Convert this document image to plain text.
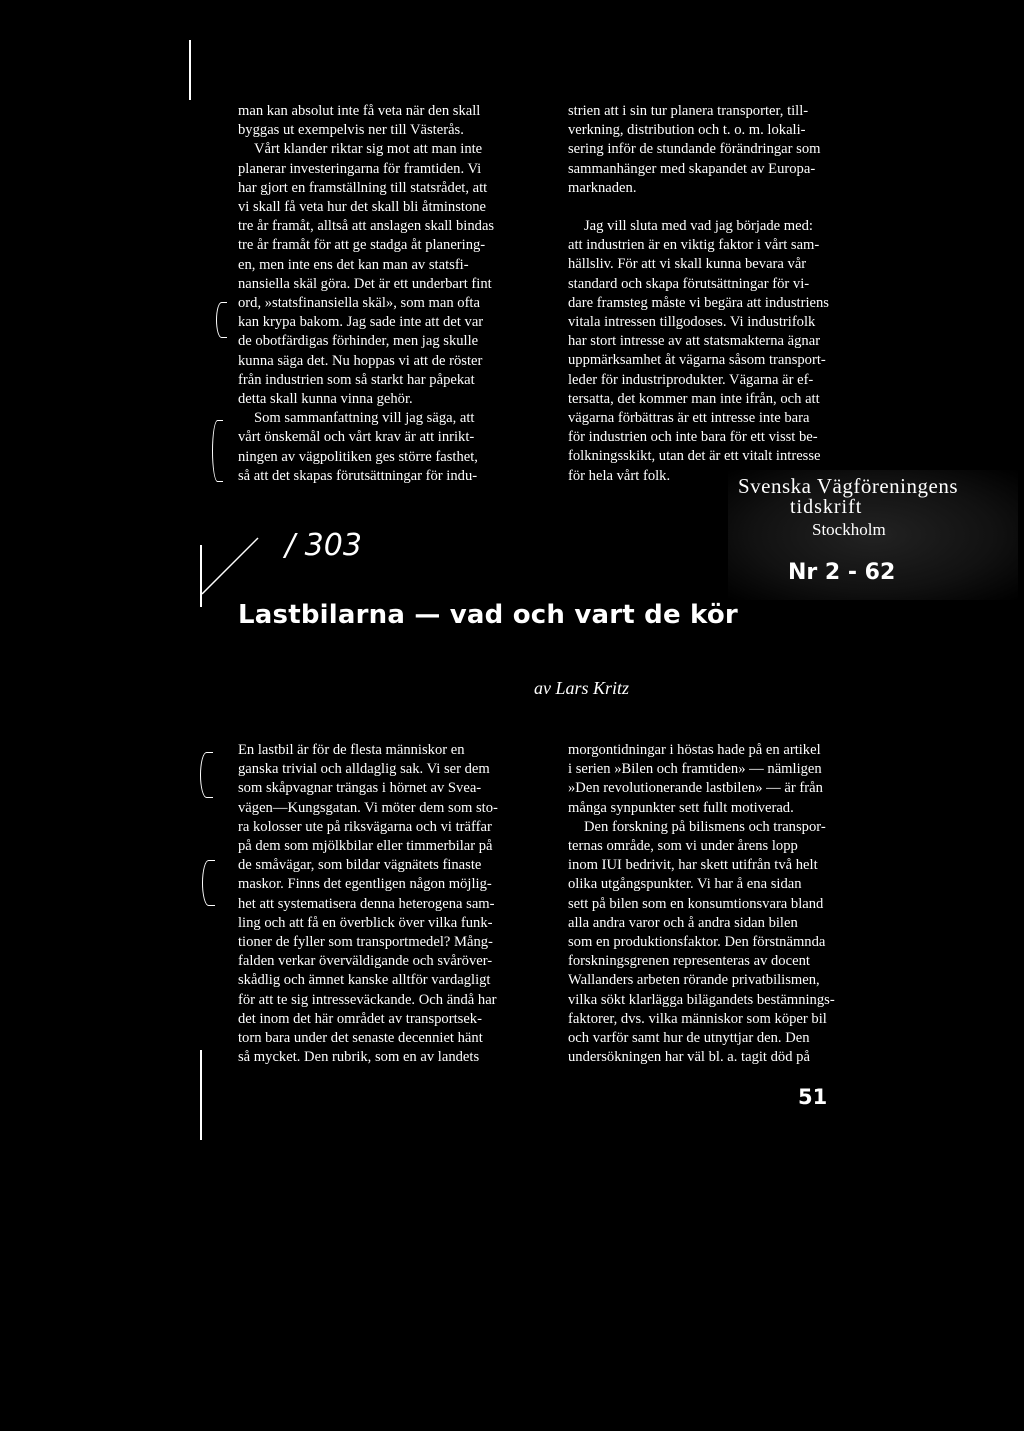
man kan absolut inte få veta när den skall
byggas ut exempelvis ner till Västerås.

Vårt klander riktar sig mot att man inte
planerar investeringarna för framtiden. Vi
har gjort en framställning till statsrådet, att
vi skall få veta hur det skall bli åtminstone
tre år framåt, alltså att anslagen skall bindas
tre år framåt för att ge stadga åt planering-
en, men inte ens det kan man av statsfi-
nansiella skäl göra. Det är ett underbart fint
ord, »statsfinansiella skäl», som man ofta
kan krypa bakom. Jag sade inte att det var
de obotfärdigas förhinder, men jag skulle
kunna säga det. Nu hoppas vi att de röster
från industrien som så starkt har påpekat
detta skall kunna vinna gehör.

Som sammanfattning vill jag säga, att
vårt önskemål och vårt krav är att inrikt-
ningen av vägpolitiken ges större fasthet,
så att det skapas förutsättningar för indu-

strien att i sin tur planera transporter, till-
verkning, distribution och t. o. m. lokali-
sering inför de stundande förändringar som
sammanhänger med skapandet av Europa-
marknaden.

Jag vill sluta med vad jag började med:
att industrien är en viktig faktor i vårt sam-
hällsliv. För att vi skall kunna bevara vår
standard och skapa förutsättningar för vi-
dare framsteg måste vi begära att industriens
vitala intressen tillgodoses. Vi industrifolk
har stort intresse av att statsmakterna ägnar
uppmärksamhet åt vägarna såsom transport-
leder för industriprodukter. Vägarna är ef-
tersatta, det kommer man inte ifrån, och att
vägarna förbättras är ett intresse inte bara
för industrien och inte bara för ett visst be-
folkningsskikt, utan det är ett vitalt intresse
för hela vårt folk.	Svenska Vägföreningens
tidskrift
Stockholm
Nr 2 - 62
/ 303
Lastbilarna — vad och vart de kör
av Lars Kritz

En lastbil är för de flesta människor en
ganska trivial och alldaglig sak. Vi ser dem
som skåpvagnar trängas i hörnet av Svea-
vägen—Kungsgatan. Vi möter dem som sto-
ra kolosser ute på riksvägarna och vi träffar
på dem som mjölkbilar eller timmerbilar på
de småvägar, som bildar vägnätets finaste
maskor. Finns det egentligen någon möjlig-
het att systematisera denna heterogena sam-
ling och att få en överblick över vilka funk-
tioner de fyller som transportmedel? Mång-
falden verkar överväldigande och svåröver-
skådlig och ämnet kanske alltför vardagligt
för att te sig intresseväckande. Och ändå har
det inom det här området av transportsek-
torn bara under det senaste decenniet hänt
så mycket. Den rubrik, som en av landets

morgontidningar i höstas hade på en artikel
i serien »Bilen och framtiden» — nämligen
»Den revolutionerande lastbilen» — är från
många synpunkter sett fullt motiverad.

Den forskning på bilismens och transpor-
ternas område, som vi under årens lopp
inom IUI bedrivit, har skett utifrån två helt
olika utgångspunkter. Vi har å ena sidan
sett på bilen som en konsumtionsvara bland
alla andra varor och å andra sidan bilen
som en produktionsfaktor. Den förstnämnda
forskningsgrenen representeras av docent
Wallanders arbeten rörande privatbilismen,
vilka sökt klarlägga bilägandets bestämnings-
faktorer, dvs. vilka människor som köper bil
och varför samt hur de utnyttjar den. Den
undersökningen har väl bl. a. tagit död på

51
